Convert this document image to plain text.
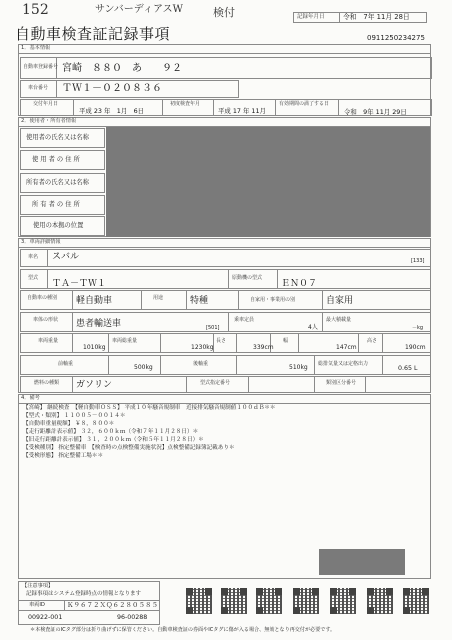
152	サンバーディアスW	検付	記録年月日	令和　7年 11月 28日
自動車検査証記録事項	0911250234275
1．基本情報
自動車登録番号 宮崎　８８０　あ　　９２
車台番号 ＴＷ１－０２０８３６
交付年月日
平成 23 年　1月　6日
初度検査年月
平成 17 年 11月
有効期間の満了する日
令和　9年 11月 29日
2．使用者・所有者情報
使用者の氏名又は名称
使 用 者 の 住 所
所有者の氏名又は名称
所 有 者 の 住 所
使用の本拠の位置
3．車両詳細情報
車名 スバル	[133]
型式
ＴＡ－ＴＷ１
原動機の型式
ＥＮ０７
自動車の種別 軽自動車	用途	特種	自家用・事業用の別	自家用
車体の形状 患者輸送車	[501]
乗車定員
4人
最大積載量
－kg
車両重量
1010kg
車両総重量
1230kg
長さ
339cm
幅
147cm
高さ
190cm
前軸重	500kg	後軸重	510kg 総排気量又は定格出力
0.65 L
燃料の種類 ガソリン	型式指定番号	類別区分番号
4．備考
【宮崎】 継続検査　【軽自動車ＯＳＳ】 平成１０年騒音規制車　近接排気騒音規制値１００ｄＢ＊＊
【型式・類別】 １１００５－００１４＊
【自動車重量税額】 ￥８，８００＊
【走行距離計表示値】 ３２，６００ｋｍ（令和７年１１月２８日）＊
【旧走行距離計表示値】 ３１，２００ｋｍ（令和５年１１月２８日）＊
【受検種別】 指定整備車　【検査時の点検整備実施状況】点検整備記録簿記載あり＊
【受検形態】 指定整備工場＊＊
【注意事項】
記録事項はシステム登録時点の情報となります
車両ID	Ｋ９６７２ＸＱ６２８０５８５
00922-001	96-00288
＊本検査証のICタグ部分は折り曲げずに保管ください。自動車検査証の券面やICタグに傷が入る場合、無効となり再交付が必要です。
